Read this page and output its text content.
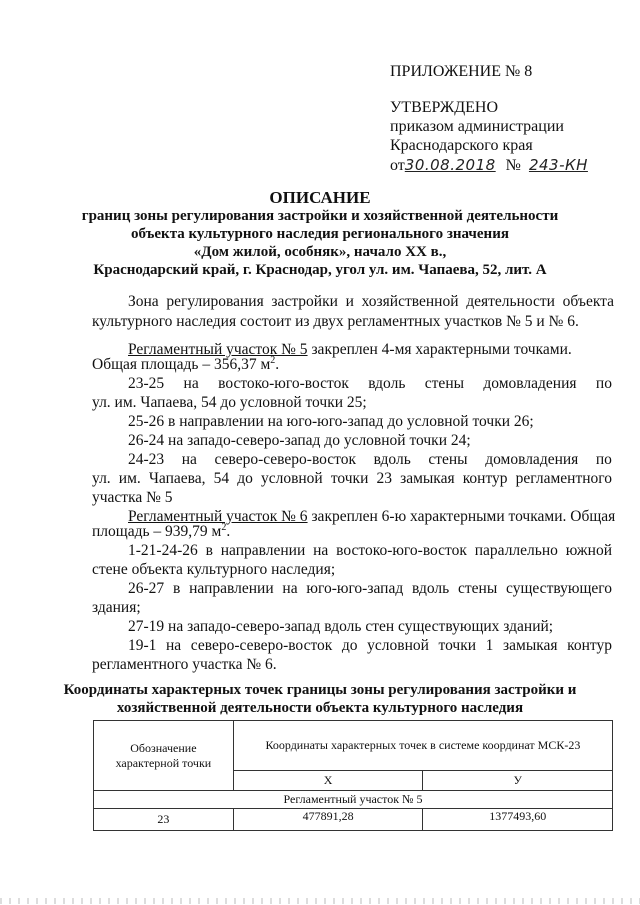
ПРИЛОЖЕНИЕ № 8
УТВЕРЖДЕНО
приказом администрации
Краснодарского края
от30.08.2018 № 243-КН
ОПИСАНИЕ
границ зоны регулирования застройки и хозяйственной деятельности
объекта культурного наследия регионального значения
«Дом жилой, особняк», начало ХХ в.,
Краснодарский край, г. Краснодар, угол ул. им. Чапаева, 52, лит. А
Зона регулирования застройки и хозяйственной деятельности объекта культурного наследия состоит из двух регламентных участков № 5 и № 6.
Регламентный участок № 5 закреплен 4-мя характерными точками.
Общая площадь – 356,37 $м^2$.
23-25 на востоко-юго-восток вдоль стены домовладения по
ул. им. Чапаева, 54 до условной точки 25;
25-26 в направлении на юго-юго-запад до условной точки 26;
26-24 на западо-северо-запад до условной точки 24;
24-23 на северо-северо-восток вдоль стены домовладения по
ул. им. Чапаева, 54 до условной точки 23 замыкая контур регламентного
участка № 5
Регламентный участок № 6 закреплен 6-ю характерными точками. Общая
площадь – 939,79 $м^2$.
1-21-24-26 в направлении на востоко-юго-восток параллельно южной
стене объекта культурного наследия;
26-27 в направлении на юго-юго-запад вдоль стены существующего
здания;
27-19 на западо-северо-запад вдоль стен существующих зданий;
19-1 на северо-северо-восток до условной точки 1 замыкая контур
регламентного участка № 6.
Координаты характерных точек границы зоны регулирования застройки и
хозяйственной деятельности объекта культурного наследия
Обозначение характерной точки	Координаты характерных точек в системе координат МСК-23	
	X	У
Регламентный участок № 5		
23	477891,28	1377493,60
